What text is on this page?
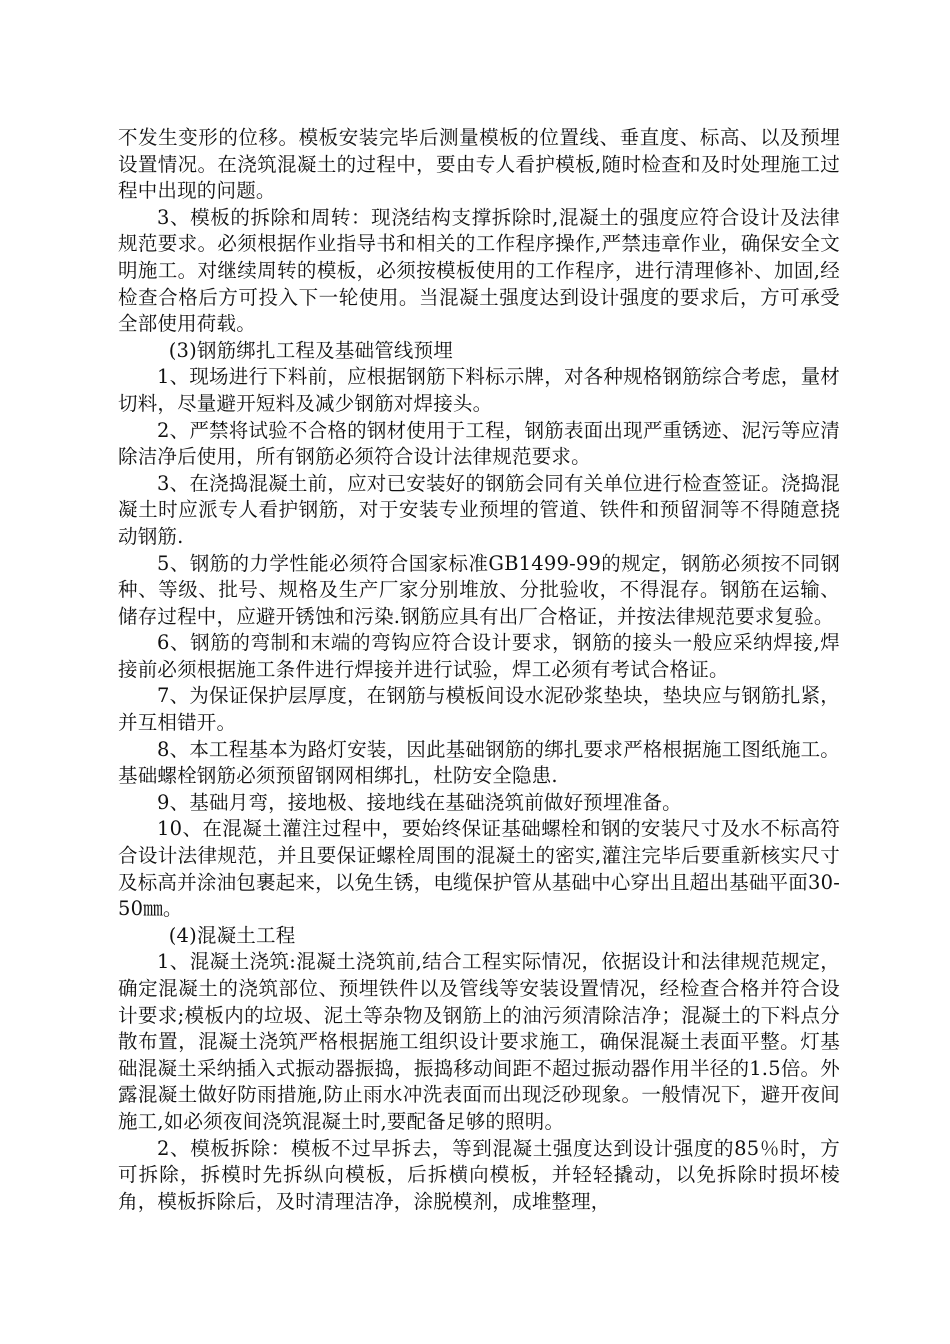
不发生变形的位移。模板安装完毕后测量模板的位置线、垂直度、标高、以及预埋设置情况。在浇筑混凝土的过程中，要由专人看护模板,随时检查和及时处理施工过程中出现的问题。

3、模板的拆除和周转：现浇结构支撑拆除时,混凝土的强度应符合设计及法律规范要求。必须根据作业指导书和相关的工作程序操作,严禁违章作业，确保安全文明施工。对继续周转的模板，必须按模板使用的工作程序，进行清理修补、加固,经检查合格后方可投入下一轮使用。当混凝土强度达到设计强度的要求后，方可承受全部使用荷载。

(3)钢筋绑扎工程及基础管线预埋

1、现场进行下料前，应根据钢筋下料标示牌，对各种规格钢筋综合考虑，量材切料，尽量避开短料及减少钢筋对焊接头。

2、严禁将试验不合格的钢材使用于工程，钢筋表面出现严重锈迹、泥污等应清除洁净后使用，所有钢筋必须符合设计法律规范要求。

3、在浇捣混凝土前，应对已安装好的钢筋会同有关单位进行检查签证。浇捣混凝土时应派专人看护钢筋，对于安装专业预埋的管道、铁件和预留洞等不得随意挠动钢筋.

5、钢筋的力学性能必须符合国家标准GB1499-99的规定，钢筋必须按不同钢种、等级、批号、规格及生产厂家分别堆放、分批验收，不得混存。钢筋在运输、储存过程中，应避开锈蚀和污染.钢筋应具有出厂合格证，并按法律规范要求复验。

6、钢筋的弯制和末端的弯钩应符合设计要求，钢筋的接头一般应采纳焊接,焊接前必须根据施工条件进行焊接并进行试验，焊工必须有考试合格证。

7、为保证保护层厚度，在钢筋与模板间设水泥砂浆垫块，垫块应与钢筋扎紧，并互相错开。

8、本工程基本为路灯安装，因此基础钢筋的绑扎要求严格根据施工图纸施工。基础螺栓钢筋必须预留钢网相绑扎，杜防安全隐患.

9、基础月弯，接地极、接地线在基础浇筑前做好预埋准备。

10、在混凝土灌注过程中，要始终保证基础螺栓和钢的安装尺寸及水不标高符合设计法律规范，并且要保证螺栓周围的混凝土的密实,灌注完毕后要重新核实尺寸及标高并涂油包裹起来，以免生锈，电缆保护管从基础中心穿出且超出基础平面30-50㎜。

(4)混凝土工程

1、混凝土浇筑:混凝土浇筑前,结合工程实际情况，依据设计和法律规范规定，确定混凝土的浇筑部位、预埋铁件以及管线等安装设置情况，经检查合格并符合设计要求;模板内的垃圾、泥土等杂物及钢筋上的油污须清除洁净；混凝土的下料点分散布置，混凝土浇筑严格根据施工组织设计要求施工，确保混凝土表面平整。灯基础混凝土采纳插入式振动器振捣，振捣移动间距不超过振动器作用半径的1.5倍。外露混凝土做好防雨措施,防止雨水冲洗表面而出现泛砂现象。一般情况下，避开夜间施工,如必须夜间浇筑混凝土时,要配备足够的照明。

2、模板拆除：模板不过早拆去，等到混凝土强度达到设计强度的85％时，方可拆除，拆模时先拆纵向模板，后拆横向模板，并轻轻撬动，以免拆除时损坏棱角，模板拆除后，及时清理洁净，涂脱模剂，成堆整理，
